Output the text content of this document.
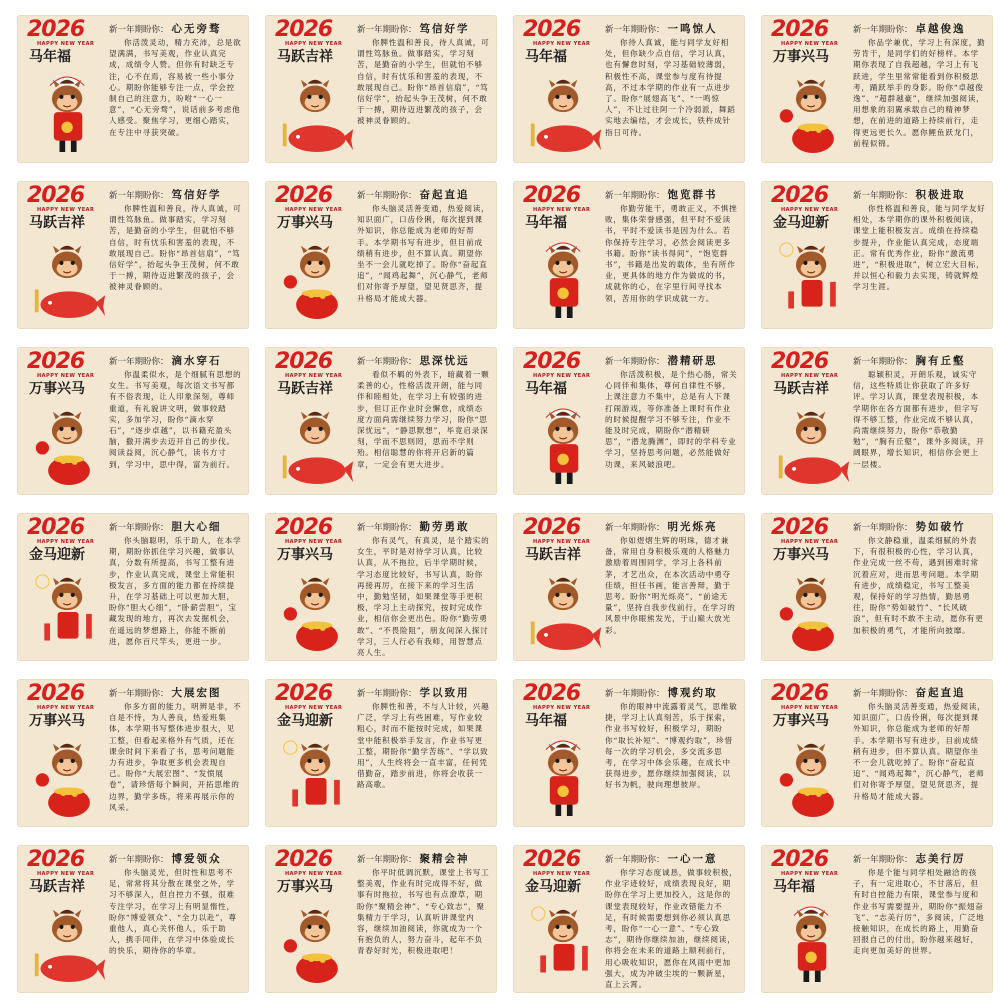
2026
HAPPY NEW YEAR
马年福
新一年期盼你： 心无旁骛
你活泼灵动，精力充沛，总是欲望满满，书写美观，作业认真完成，成绩令人赞。但你有时缺乏专注，心不在焉，容易被一些小事分心。期盼你能够专注一点，学会控制自己的注意力，吩咐“一心一意”，“心无旁骛”，说话前多考虑他人感受。聚焦学习，更细心踏实，在专注中寻获突破。
2026
HAPPY NEW YEAR
马跃吉祥
新一年期盼你： 笃信好学
你脾性温和善良，待人真诚，可谓性笃脉鱼。做事踏实，学习刻苦，是勤奋的小学生，但就怕不够自信，时有忧乐和害羞的表现，不敢展现自己。盼你“昂首信扇”，“笃信好学”，抬起头争王茂树，何不敢于一搏，期待迈进繁茂的孩子，会被神灵眷顾的。
2026
HAPPY NEW YEAR
马年福
新一年期盼你： 一鸣惊人
你待人真诚，能与同学友好相处，但你缺少点自信，学习认真，也有懈怠时刻，学习基础较薄弱，积极性不高，课堂参与度有待提高，不过本学期的作业有一点进步了。盼你“展翅高飞”、“一鸣惊人”，不让过往阿一个冷弱派，舞蹈实地去编结，才会成长，铁杵成针指日可待。
2026
HAPPY NEW YEAR
万事兴马
新一年期盼你： 卓越俊逸
你品学兼优，学习上有深度，勤劳肯干，是同学们的好榜样。本学期你表现了自我超越，学习上有飞跃进，学生里常常能看到你积极思考，踊跃举手的身影。盼你“卓越俊逸”、“超群越豪”，继续加强阅读，用想象的羽翼承载自己的精神梦想，在前进的道路上持续前行，走得更远更长久。愿你鲤鱼跃龙门，前程似锦。
2026
HAPPY NEW YEAR
马跃吉祥
新一年期盼你： 笃信好学
你脾性温和善良，待人真诚，可谓性笃脉鱼。做事踏实，学习刻苦，是勤奋的小学生，但就怕不够自信，时有忧乐和害羞的表现，不敢展现自己。盼你“昂首信扇”，“笃信好学”，抬起头争王茂树，何不敢于一搏，期待迈进繁茂的孩子，会被神灵眷顾的。
2026
HAPPY NEW YEAR
万事兴马
新一年期盼你： 奋起直追
你头脑灵活善变通，热爱阅读，知识面广，口齿伶俐，每次提到课外知识，你总能成为老师的好帮手。本学期书写有进步，但目前成绩稍有进步，但不算认真。期望你坐不一会儿就吃掉了。盼你“奋起直追”，“闻鸡起舞”，沉心静气，老师们对你寄予厚望，望见贤思齐，提升格局才能成大器。
2026
HAPPY NEW YEAR
马年福
新一年期盼你： 饱览群书
你勤劳能干，勇敢正义，不惧挫败，集体荣誉感强，但平时不爱读书，平时不爱读书是因为什么。若你保持专注学习，必然会阅读更多书籍。盼你“读书得间”，“饱览群书”，书籍是出发的载体，坐有所作业，更具体的地方作为做成的书，成就你的心，在字里行间寻找本领，苦用你的学识成就一方。
2026
HAPPY NEW YEAR
金马迎新
新一年期盼你： 积极进取
你性格温和善良，能与同学友好相处，本学期你的课外积极阅读，课堂上能积极发言。成绩在持续稳步提升，作业能认真完成，态度端正。常有优秀作业，盼你“激流勇进”，“积极进取”，树立宏大目标，并以恒心和毅力去实现，铸就辉煌学习生涯。
2026
HAPPY NEW YEAR
万事兴马
新一年期盼你： 滴水穿石
你温柔似水，是个细腻有思想的女生。书写美观，每次语文书写都有不俗表现，让人印象深刻，尊师重道，有礼貌讲文明，做事较踏实，多加学习，盼你“滴水穿石”，“逐步卓越”，以书籍充盈头脑，撒开满步去迈开自己的步伐。阅读益阅，沉心静气，读书方寸到，学习中，思中得，富为前行。
2026
HAPPY NEW YEAR
马跃吉祥
新一年期盼你： 思深忧远
看似不羁的外表下，暗藏着一颗柔善的心，性格活泼开朗，能与同伴和睦相处，在学习上有较强的进步，但订正作业时会懈怠，成绩态度方面尚需继续努力学习，盼你“思深忧远”，“静思默想”，毕竟启录深刻，学而不思则罔，思而不学则殆。相信聪慧的你将开启新的篇章，一定会有更大进步。
2026
HAPPY NEW YEAR
马年福
新一年期盼你： 潜精研思
你活泼积极，是个热心肠，常关心同伴和集体，尊何自律性不够，上课注意力不集中，总是有人下课打闹游戏，等你准备上课时有作业的时候提醒学习不够专注，作业不能及时完成，期盼你“潜精研思”，“潜龙腾渊”，即时的学科专业学习，坚持思考问题，必然能做好功课，来风破浪吧。
2026
HAPPY NEW YEAR
马跃吉祥
新一年期盼你： 胸有丘壑
聪颖积灵，开朗乐观，诚实守信，这些特质让你获取了许多好评。学习认真，课堂表现积极，本学期你在各方面都有进步，但字写得不够工整，作业完成不够认真，尚需继续努力，盼你“恭敬勤勉”，“胸有丘壑”，课外多阅读，开阔眼界，增长知识，相信你会更上一层楼。
2026
HAPPY NEW YEAR
金马迎新
新一年期盼你： 胆大心细
你头脑聪明，乐于助人，在本学期，期盼你抓住学习兴趣，做事认真，分数有所提高，书写工整有进步，作业认真完成，课堂上常能积极发言，多方面的能力都在持续提升，在学习基础上可以更加大胆，盼你“胆大心细”，“卧薪尝胆”，宝藏发现的地方，再次去发掘机会，在遥远的梦想路上，你能不断前进，愿你百尺竿头，更进一步。
2026
HAPPY NEW YEAR
万事兴马
新一年期盼你： 勤劳勇敢
你有灵气，有真灵，是个踏实的女生，平时是对待学习认真，比较认真，从不拖拉，后半学期时候，学习态度比较好，书写认真，盼你再接再厉，在接下来的学习生活中，勤勉坚韧，如果课堂等手更积极，学习上主动探究，按时完成作业，相信你会更出色。盼你“勤劳勇敢”、“不畏险阻”，朋友间深入探讨学习，三人行必有我师，用智慧点亮人生。
2026
HAPPY NEW YEAR
马跃吉祥
新一年期盼你： 明光烁亮
你如煜熠生辉的明珠，德才兼备，常用自身积极乐观的人格魅力激励着周围同学，学习上各科前茅，才艺出众，在本次活动中勇夺佳绩，担任书画，能言善辩，勤于思考。盼你“明光烁亮”、“前途无量”，坚持自我步伐前行，在学习的风景中你眼熊发光，于山巅大放光彩。
2026
HAPPY NEW YEAR
万事兴马
新一年期盼你： 势如破竹
你文静稳重，温柔细腻的外表下，有很积极的心性，学习认真，作业完成一丝不苟，遇到困难时常沉着应对，进而思考问题。本学期有进步，成绩稳定，书写工整美观，保持好的学习热情，勤恳勇往，盼你“势如破竹”、“长风破浪”，但有时不敢不主动，愿你有更加积极的勇气，才能所向披靡。
2026
HAPPY NEW YEAR
万事兴马
新一年期盼你： 大展宏图
你多方面的能力，明辨是非，不自是不恃，为人善良，热爱班集体，本学期书写整体进步很大，见工整，但看起来格外有气质，还在课余时间下来看了书，思考问题能力有进步，争取更多机会表现自己。盼你“大展宏图”、“发愤展卷”，请珍惜每个瞬间，开拓思维的边界，勤学多练，将来再展示你的风采。
2026
HAPPY NEW YEAR
金马迎新
新一年期盼你： 学以致用
你脾性和善，不与人计较，兴趣广泛，学习上有些困难，写作业较粗心，时而不能按时完成，如果课堂中能积极举手发言，作业书写更工整，期盼你“勤学苦练”、“学以致用”，人生终将会一直丰富，任何凭借勤奋，踏步前进，你将会收获一路高歌。
2026
HAPPY NEW YEAR
马年福
新一年期盼你： 博观约取
你的眼神中流露着灵气，思维敏捷，学习上认真刻苦，乐于探索，作业书写较好，积极学习，期盼你“取长补短”、“博观约取”，珍惜每一次的学习机会，多交流多思考，在学习中体会乐趣，在成长中获得进步，愿你继续加强阅读，以好书为帆，驶向理想彼岸。
2026
HAPPY NEW YEAR
万事兴马
新一年期盼你： 奋起直追
你头脑灵活善变通，热爱阅读，知识面广，口齿伶俐，每次提到课外知识，你总能成为老师的好帮手。本学期书写有进步，目前成绩稍有进步，但不算认真。期望你坐不一会儿就吃掉了。盼你“奋起直追”、“闻鸡起舞”，沉心静气，老师们对你寄予厚望，望见贤思齐，提升格局才能成大器。
2026
HAPPY NEW YEAR
马跃吉祥
新一年期盼你： 博爱领众
你头脑灵光，但时性和思考不足，常常将其分散在课堂之外，学习不够深入，但自控力不强，很难专注学习，在学习上有明显惰性，盼你“博爱领众”、“全力以赴”，尊重他人，真心关怀他人，乐于助人，携手同伴，在学习中体验成长的快乐，期待你的华章。
2026
HAPPY NEW YEAR
万事兴马
新一年期盼你： 聚精会神
你平时低调沉默，课堂上书写工整美观，作业有时完成得不好，做事有时拖拉，书写也有点潦草，期盼你“聚精会神”、“专心致志”，聚集精力于学习，认真听讲课堂内容，继续加油阅读，你就成为一个有抱负的人，努力奋斗，起年不负青春好时光，积极进取吧！
2026
HAPPY NEW YEAR
金马迎新
新一年期盼你： 一心一意
你学习态度诚恳，做事较积极，作业字迹较好，成绩表现良好，期盼你在学习上更加投入，这是你的课堂表现较好，作业改错能力不足，有时候需要想到你必须认真思考，盼你“一心一意”、“专心致志”，期待你继续加油，继续阅读，你将会在未来的道路上顺利前行，用心吸收知识，愿你在风雨中更加强大，成为冲破尘埃的一颗新星，直上云霄。
2026
HAPPY NEW YEAR
马年福
新一年期盼你： 志美行厉
你是个能与同学相处融洽的孩子，有一定进取心，不甘落后，但有时自控能力有限，课堂参与度和作业书写需要提升，期盼你“振翅奋飞”、“志美行厉”，多阅读，广泛地接触知识，在成长的路上，用勤奋回报自己的付出，盼你越来越好，走向更加美好的世界。
